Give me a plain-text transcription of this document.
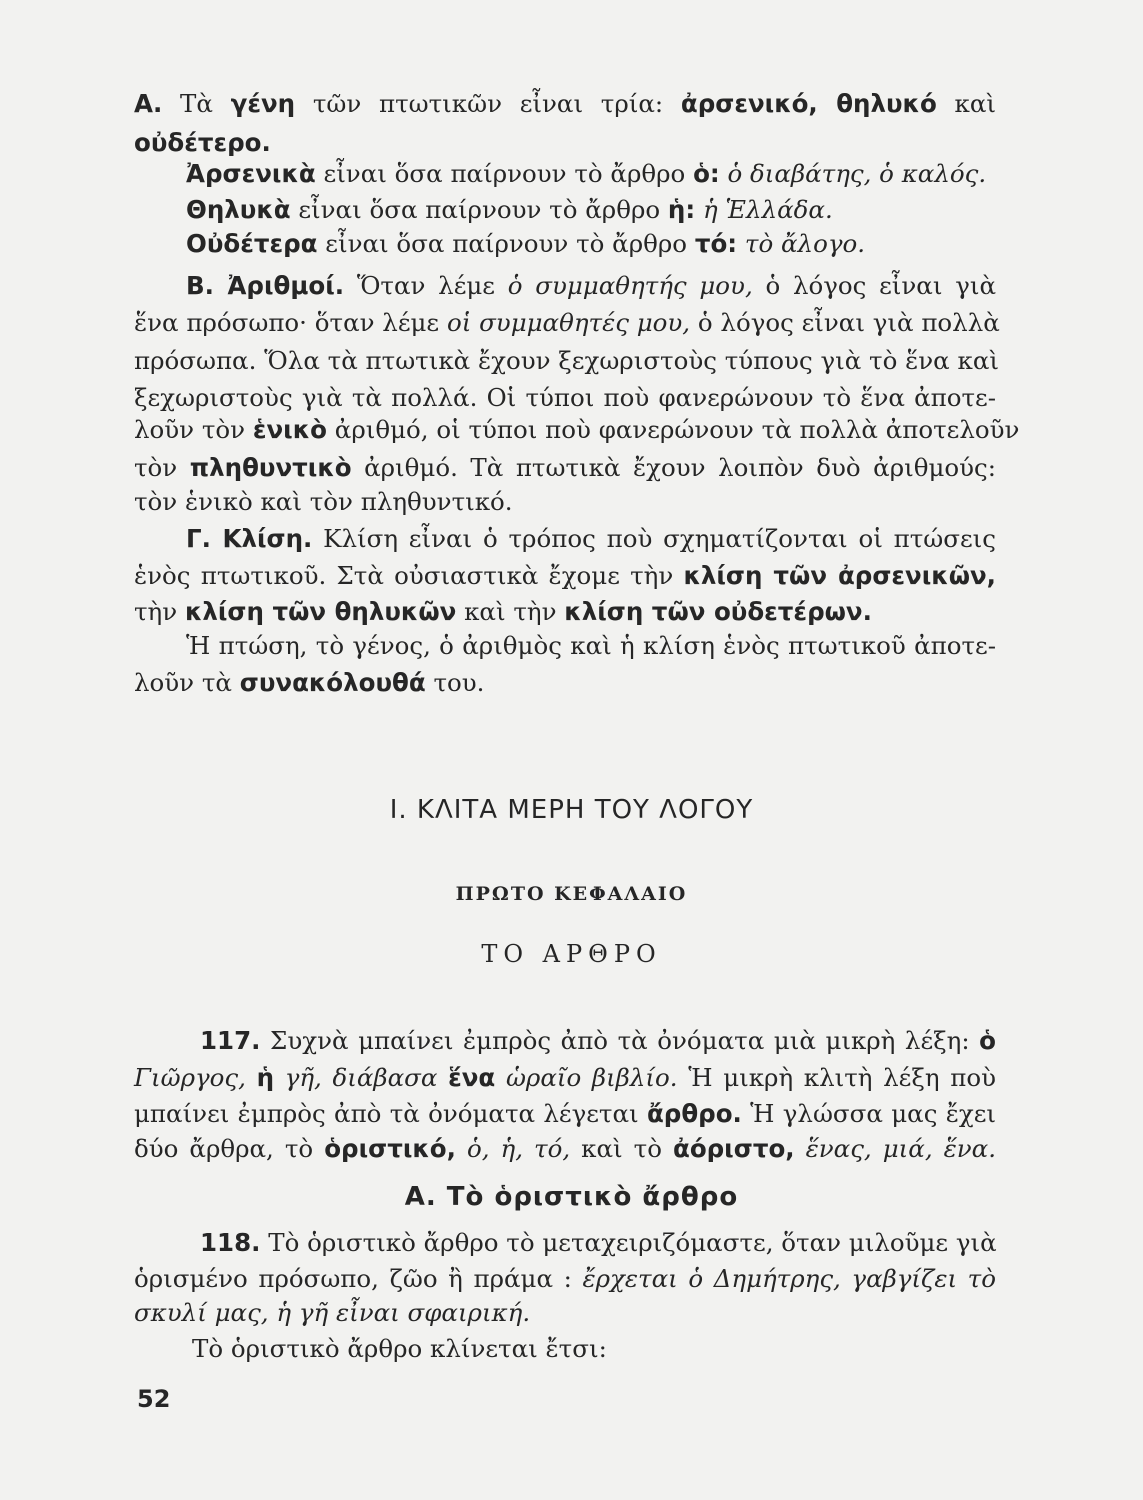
Α. Τὰ γένη τῶν πτωτικῶν εἶναι τρία: ἀρσενικό, θηλυκό καὶ
οὐδέτερο.
Ἀρσενικὰ εἶναι ὅσα παίρνουν τὸ ἄρθρο ὁ: ὁ διαβάτης, ὁ καλός.
Θηλυκὰ εἶναι ὅσα παίρνουν τὸ ἄρθρο ἡ: ἡ Ἑλλάδα.
Οὐδέτερα εἶναι ὅσα παίρνουν τὸ ἄρθρο τό: τὸ ἄλογο.
Β. Ἀριθμοί. Ὅταν λέμε ὁ συμμαθητής μου, ὁ λόγος εἶναι γιὰ
ἕνα πρόσωπο· ὅταν λέμε οἱ συμμαθητές μου, ὁ λόγος εἶναι γιὰ πολλὰ
πρόσωπα. Ὅλα τὰ πτωτικὰ ἔχουν ξεχωριστοὺς τύπους γιὰ τὸ ἕνα καὶ
ξεχωριστοὺς γιὰ τὰ πολλά. Οἱ τύποι ποὺ φανερώνουν τὸ ἕνα ἀποτε-
λοῦν τὸν ἑνικὸ ἀριθμό, οἱ τύποι ποὺ φανερώνουν τὰ πολλὰ ἀποτελοῦν
τὸν πληθυντικὸ ἀριθμό. Τὰ πτωτικὰ ἔχουν λοιπὸν δυὸ ἀριθμούς:
τὸν ἑνικὸ καὶ τὸν πληθυντικό.
Γ. Κλίση. Κλίση εἶναι ὁ τρόπος ποὺ σχηματίζονται οἱ πτώσεις
ἑνὸς πτωτικοῦ. Στὰ οὐσιαστικὰ ἔχομε τὴν κλίση τῶν ἀρσενικῶν,
τὴν κλίση τῶν θηλυκῶν καὶ τὴν κλίση τῶν οὐδετέρων.
Ἡ πτώση, τὸ γένος, ὁ ἀριθμὸς καὶ ἡ κλίση ἑνὸς πτωτικοῦ ἀποτε-
λοῦν τὰ συνακόλουθά του.
Ι. ΚΛΙΤΑ ΜΕΡΗ ΤΟΥ ΛΟΓΟΥ
ΠΡΩΤΟ ΚΕΦΑΛΑΙΟ
ΤΟ ΑΡΘΡΟ
117. Συχνὰ μπαίνει ἐμπρὸς ἀπὸ τὰ ὀνόματα μιὰ μικρὴ λέξη: ὁ
Γιῶργος, ἡ γῆ, διάβασα ἕνα ὡραῖο βιβλίο. Ἡ μικρὴ κλιτὴ λέξη ποὺ
μπαίνει ἐμπρὸς ἀπὸ τὰ ὀνόματα λέγεται ἄρθρο. Ἡ γλώσσα μας ἔχει
δύο ἄρθρα, τὸ ὁριστικό, ὁ, ἡ, τό, καὶ τὸ ἀόριστο, ἕνας, μιά, ἕνα.
Α. Τὸ ὁριστικὸ ἄρθρο
118. Τὸ ὁριστικὸ ἄρθρο τὸ μεταχειριζόμαστε, ὅταν μιλοῦμε γιὰ
ὁρισμένο πρόσωπο, ζῶο ἢ πράμα : ἔρχεται ὁ Δημήτρης, γαβγίζει τὸ
σκυλί μας, ἡ γῆ εἶναι σφαιρική.
Τὸ ὁριστικὸ ἄρθρο κλίνεται ἔτσι:
52
